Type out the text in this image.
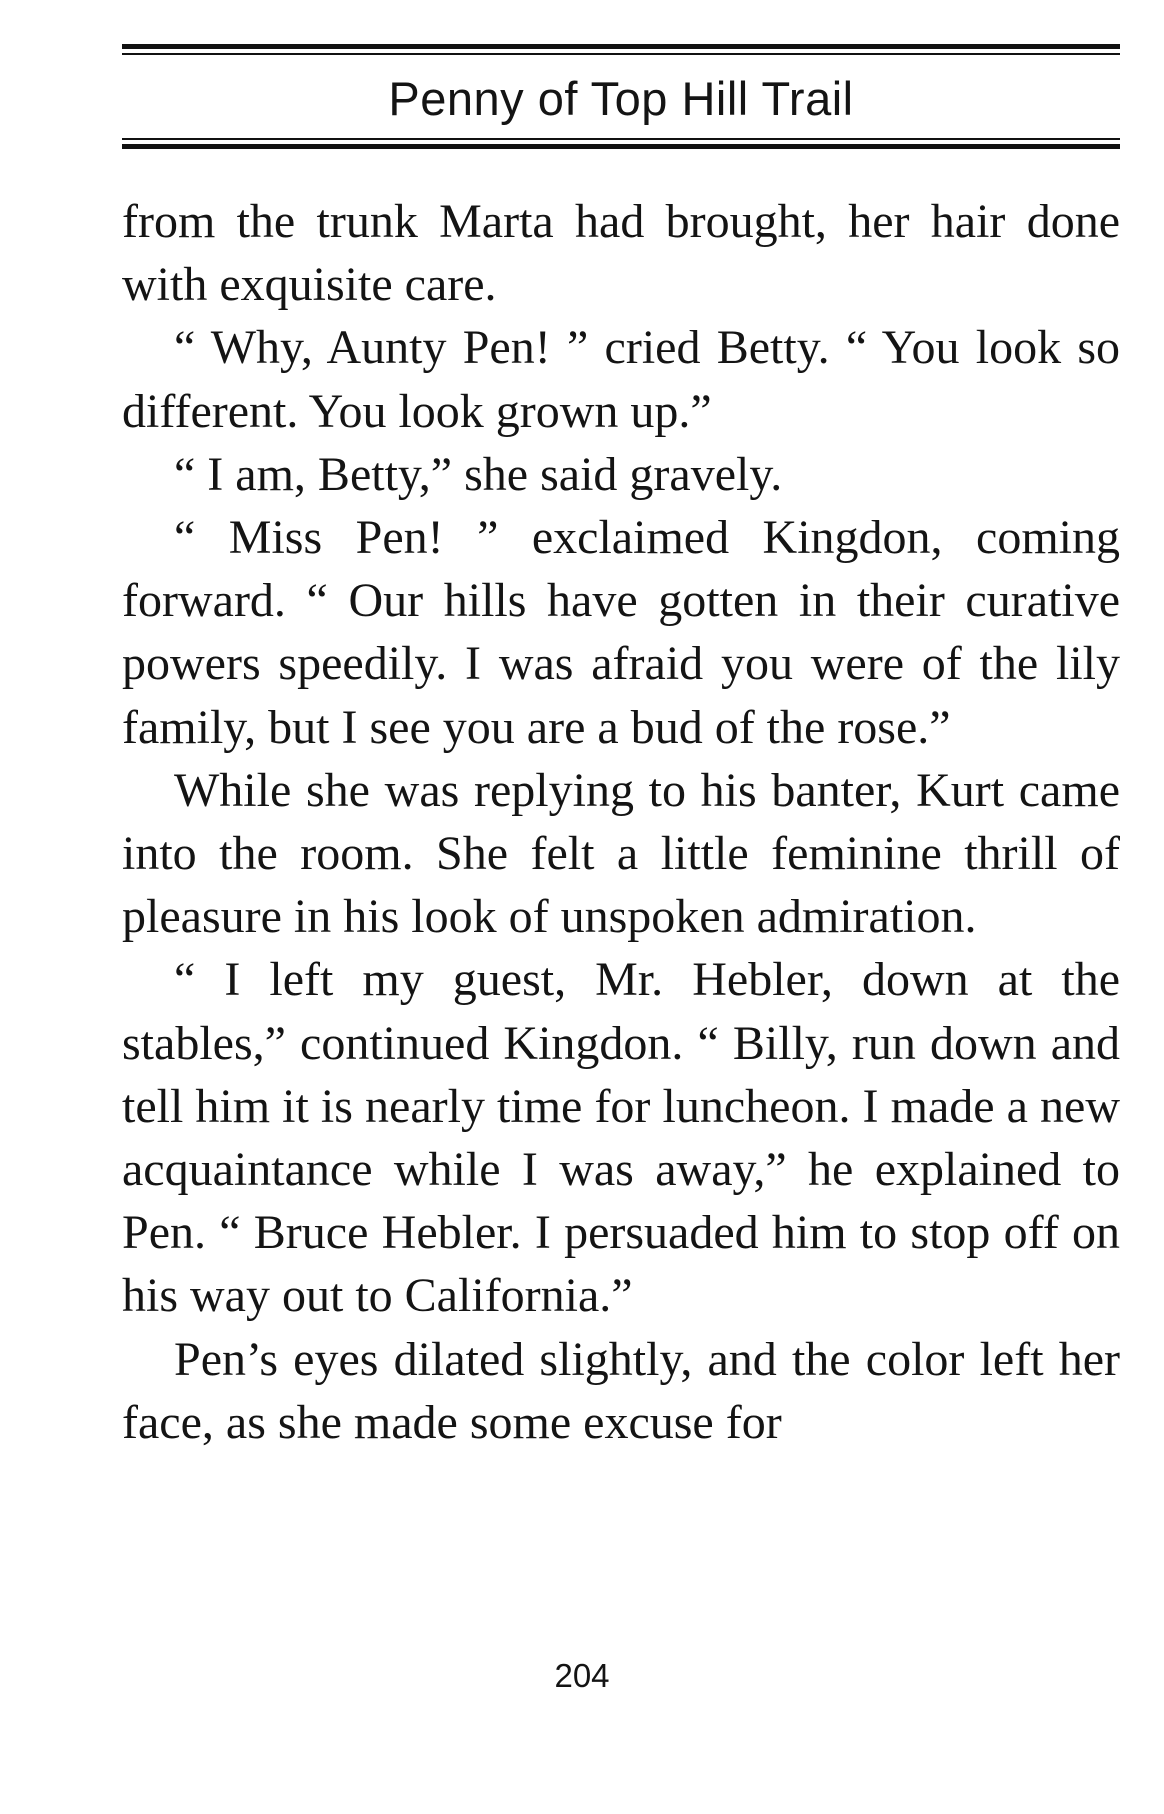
Penny of Top Hill Trail

from the trunk Marta had brought, her hair done with exquisite care.

“ Why, Aunty Pen! ” cried Betty. “ You look so different. You look grown up.”

“ I am, Betty,” she said gravely.

“ Miss Pen! ” exclaimed Kingdon, coming forward. “ Our hills have gotten in their curative powers speedily. I was afraid you were of the lily family, but I see you are a bud of the rose.”

While she was replying to his banter, Kurt came into the room. She felt a little feminine thrill of pleasure in his look of unspoken admiration.

“ I left my guest, Mr. Hebler, down at the stables,” continued Kingdon. “ Billy, run down and tell him it is nearly time for luncheon. I made a new acquaintance while I was away,” he explained to Pen. “ Bruce Hebler. I persuaded him to stop off on his way out to California.”

Pen’s eyes dilated slightly, and the color left her face, as she made some excuse for

204
